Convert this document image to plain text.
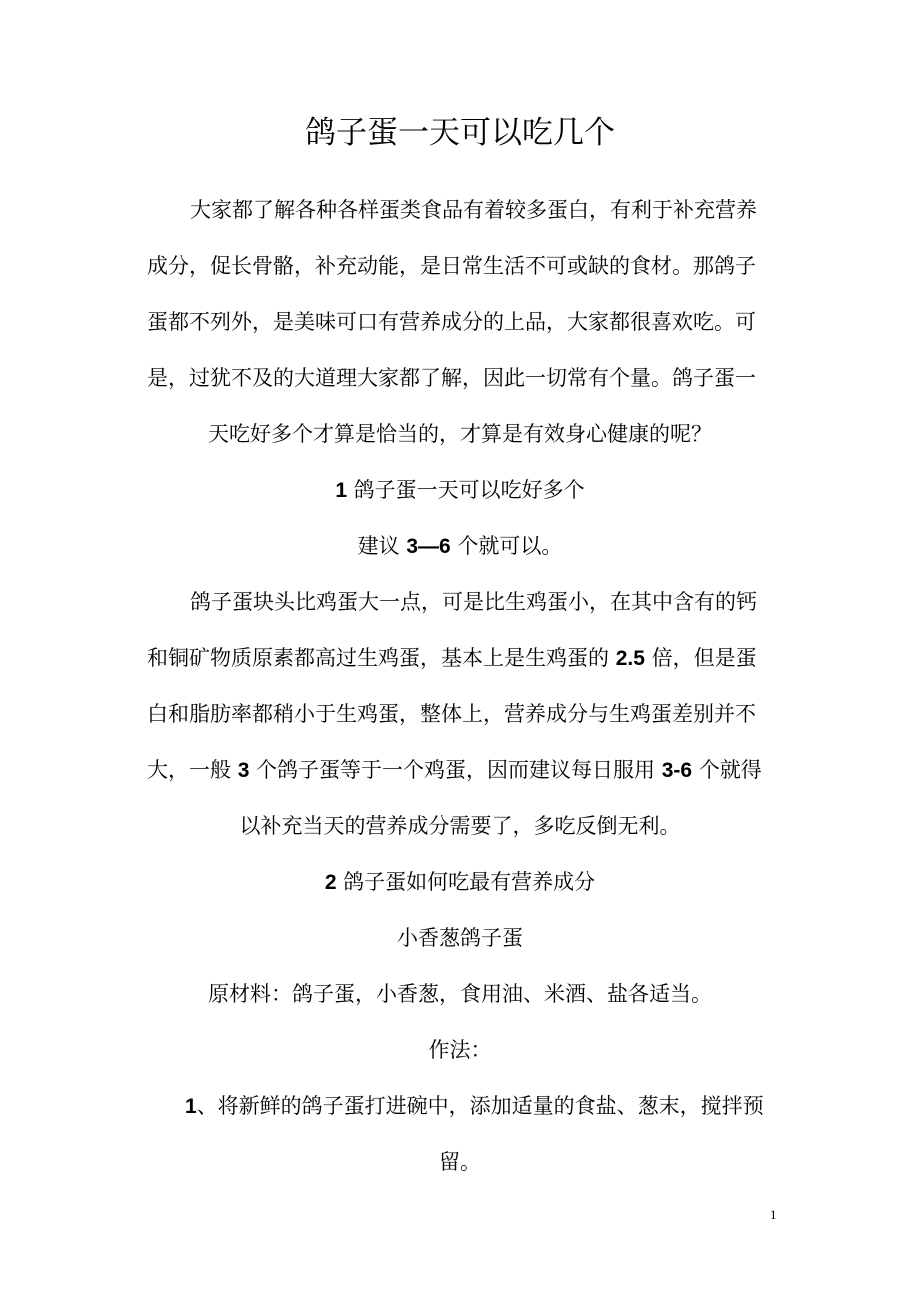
鸽子蛋一天可以吃几个

大家都了解各种各样蛋类食品有着较多蛋白，有利于补充营养

成分，促长骨骼，补充动能，是日常生活不可或缺的食材。那鸽子

蛋都不列外，是美味可口有营养成分的上品，大家都很喜欢吃。可

是，过犹不及的大道理大家都了解，因此一切常有个量。鸽子蛋一

天吃好多个才算是恰当的，才算是有效身心健康的呢？

1 鸽子蛋一天可以吃好多个

建议 3—6 个就可以。

鸽子蛋块头比鸡蛋大一点，可是比生鸡蛋小，在其中含有的钙

和铜矿物质原素都高过生鸡蛋，基本上是生鸡蛋的 2.5 倍，但是蛋

白和脂肪率都稍小于生鸡蛋，整体上，营养成分与生鸡蛋差别并不

大，一般 3 个鸽子蛋等于一个鸡蛋，因而建议每日服用 3-6 个就得

以补充当天的营养成分需要了，多吃反倒无利。

2 鸽子蛋如何吃最有营养成分

小香葱鸽子蛋

原材料：鸽子蛋，小香葱，食用油、米酒、盐各适当。

作法：

1、将新鲜的鸽子蛋打进碗中，添加适量的食盐、葱末，搅拌预

留。

1
